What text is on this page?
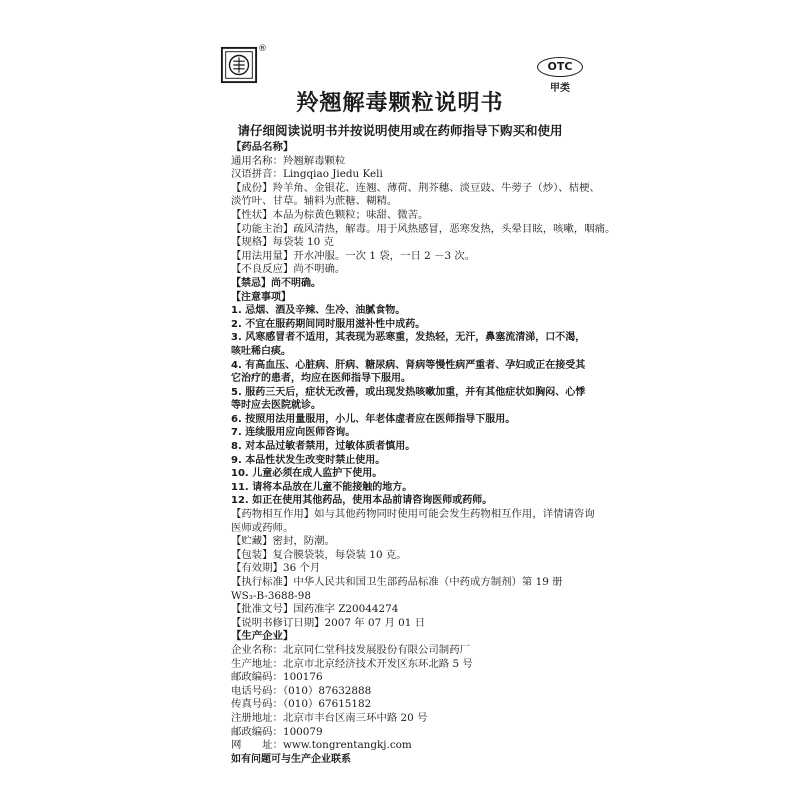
®
OTC
甲类
羚翘解毒颗粒说明书
请仔细阅读说明书并按说明使用或在药师指导下购买和使用
【药品名称】
通用名称：羚翘解毒颗粒
汉语拼音：Lingqiao Jiedu Keli
【成份】羚羊角、金银花、连翘、薄荷、荆芥穗、淡豆豉、牛蒡子（炒）、桔梗、
淡竹叶、甘草。辅料为蔗糖、糊精。
【性状】本品为棕黄色颗粒；味甜、微苦。
【功能主治】疏风清热，解毒。用于风热感冒，恶寒发热，头晕目眩，咳嗽，咽痛。
【规格】每袋装 10 克
【用法用量】开水冲服。一次 1 袋，一日 2 －3 次。
【不良反应】尚不明确。
【禁忌】尚不明确。
【注意事项】
1. 忌烟、酒及辛辣、生冷、油腻食物。
2. 不宜在服药期间同时服用滋补性中成药。
3. 风寒感冒者不适用，其表现为恶寒重，发热轻，无汗，鼻塞流清涕，口不渴，
咳吐稀白痰。
4. 有高血压、心脏病、肝病、糖尿病、肾病等慢性病严重者、孕妇或正在接受其
它治疗的患者，均应在医师指导下服用。
5. 服药三天后，症状无改善，或出现发热咳嗽加重，并有其他症状如胸闷、心悸
等时应去医院就诊。
6. 按照用法用量服用，小儿、年老体虚者应在医师指导下服用。
7. 连续服用应向医师咨询。
8. 对本品过敏者禁用，过敏体质者慎用。
9. 本品性状发生改变时禁止使用。
10. 儿童必须在成人监护下使用。
11. 请将本品放在儿童不能接触的地方。
12. 如正在使用其他药品，使用本品前请咨询医师或药师。
【药物相互作用】如与其他药物同时使用可能会发生药物相互作用，详情请咨询
医师或药师。
【贮藏】密封，防潮。
【包装】复合膜袋装，每袋装 10 克。
【有效期】36 个月
【执行标准】中华人民共和国卫生部药品标准（中药成方制剂）第 19 册
WS₃-B-3688-98
【批准文号】国药准字 Z20044274
【说明书修订日期】2007 年 07 月 01 日
【生产企业】
企业名称：北京同仁堂科技发展股份有限公司制药厂
生产地址：北京市北京经济技术开发区东环北路 5 号
邮政编码：100176
电话号码：（010）87632888
传真号码：（010）67615182
注册地址：北京市丰台区南三环中路 20 号
邮政编码：100079
网　　址：www.tongrentangkj.com
如有问题可与生产企业联系
